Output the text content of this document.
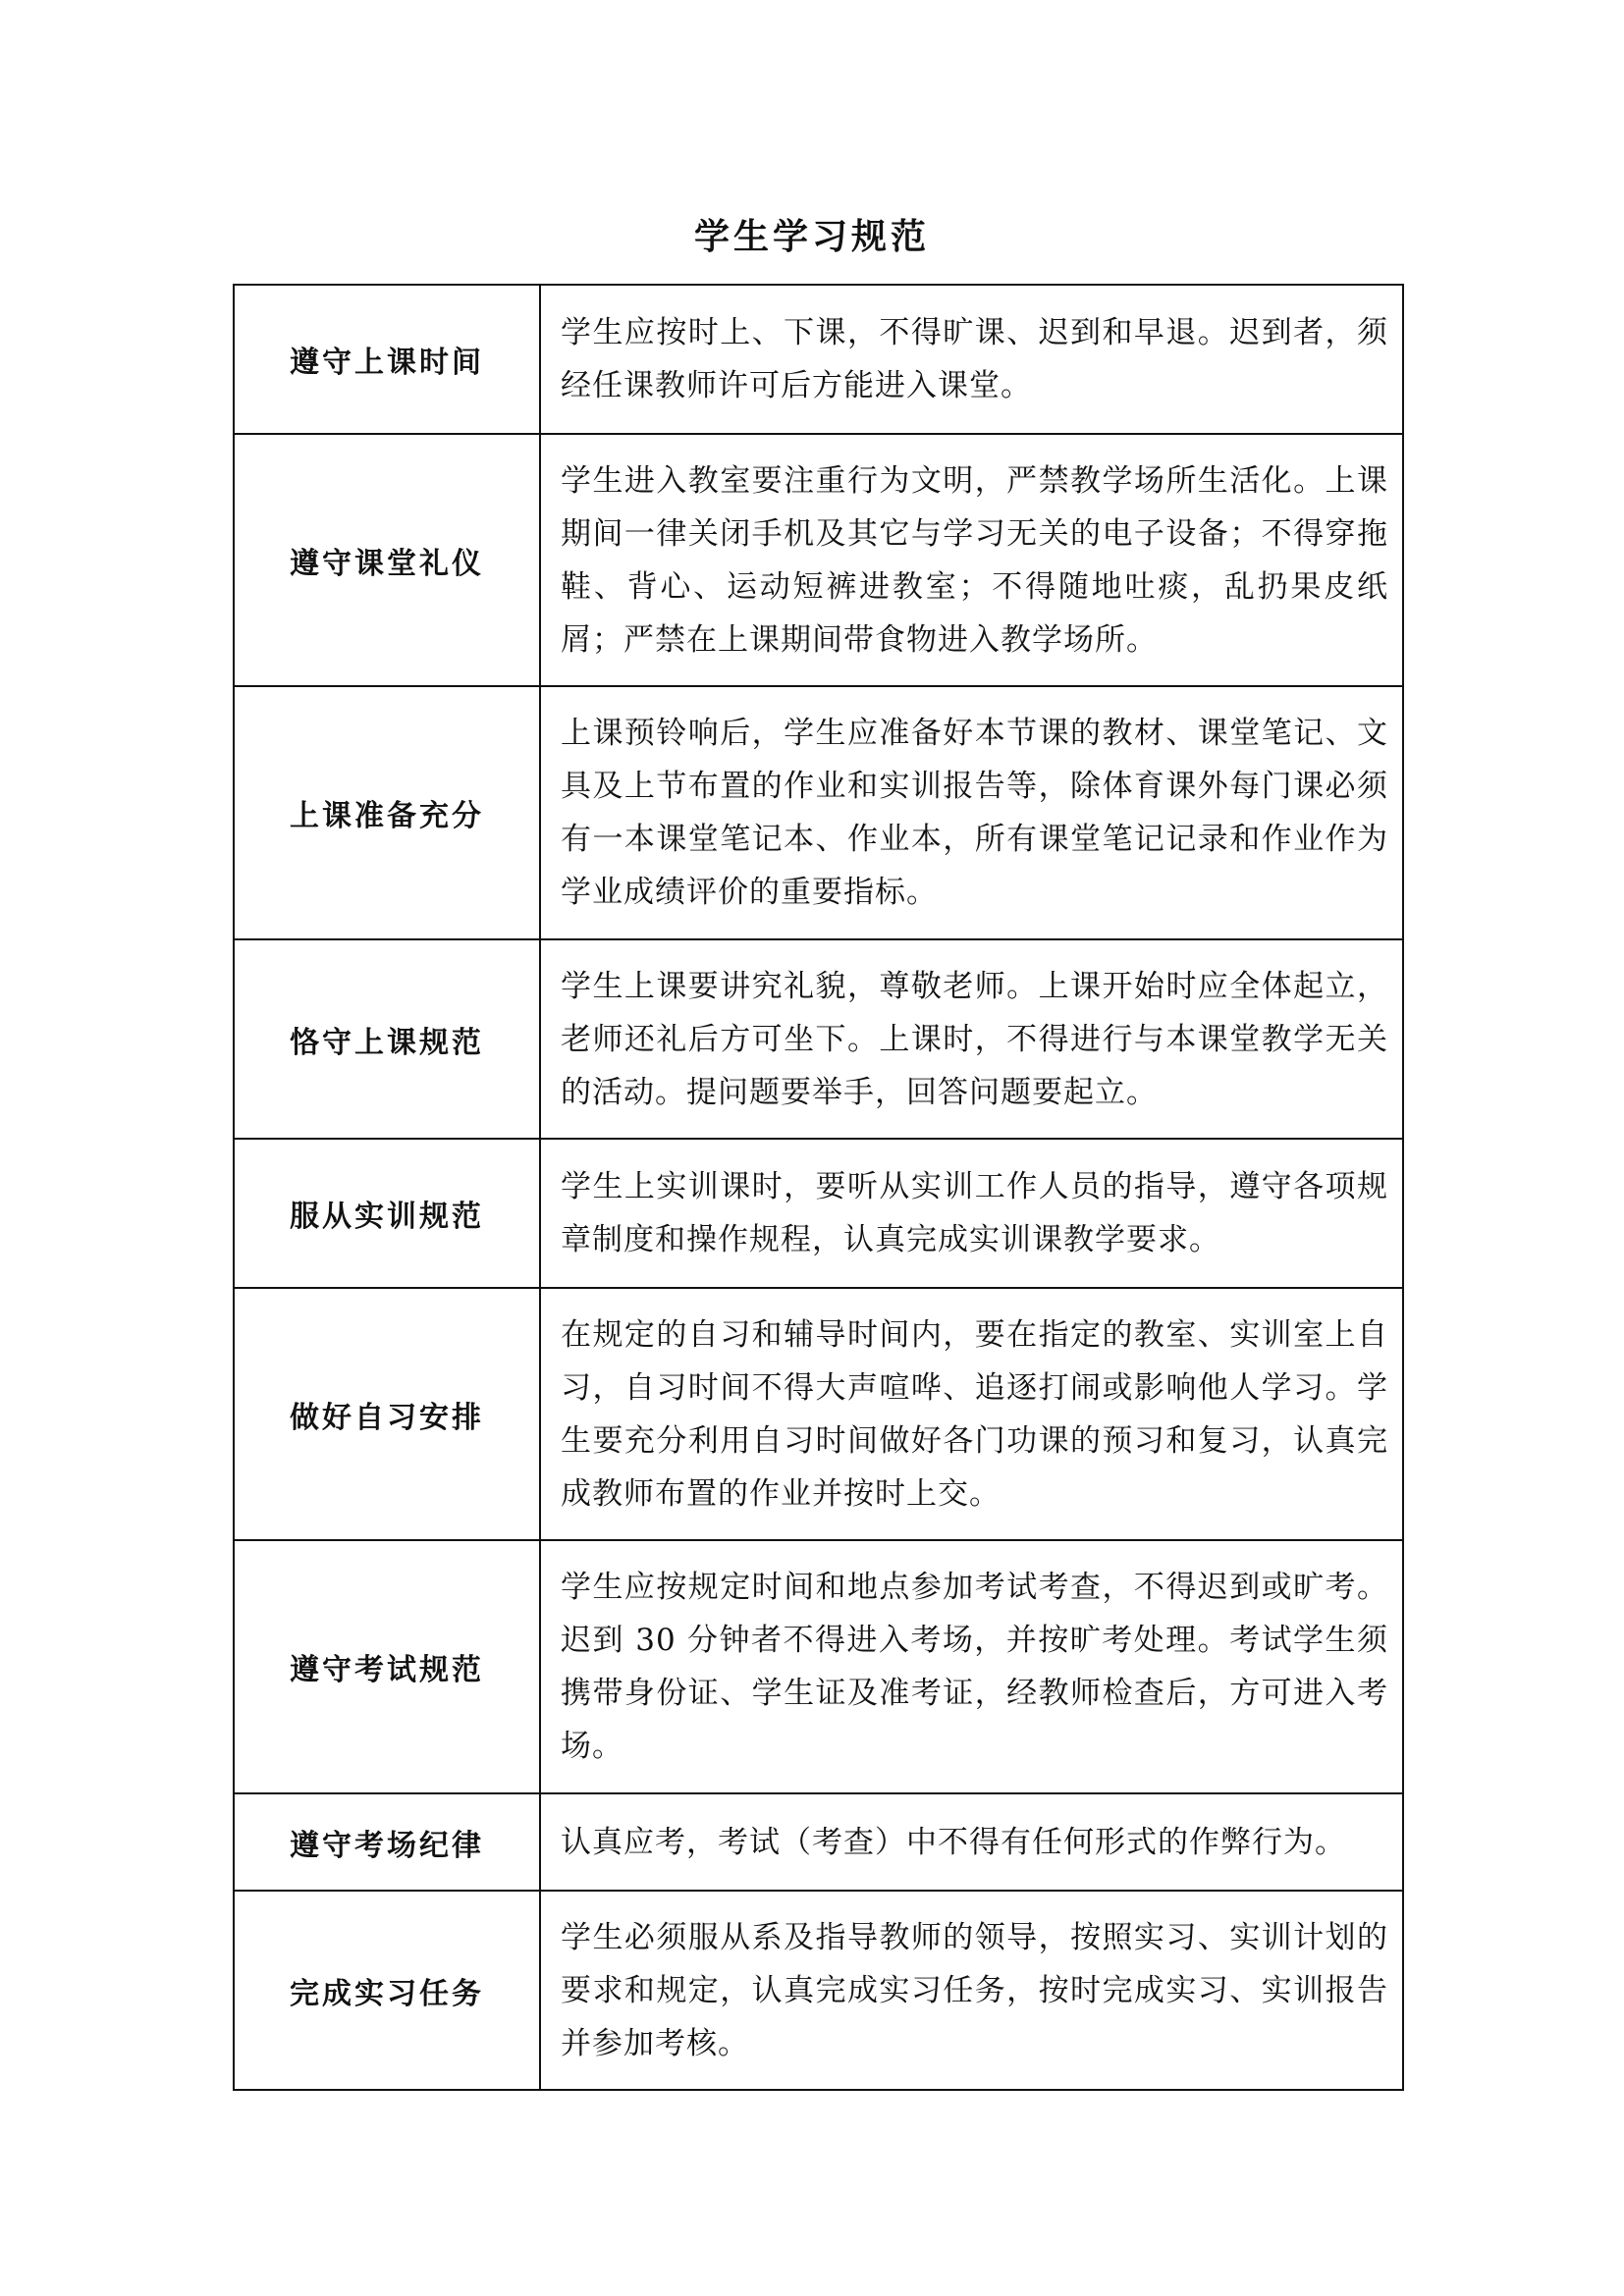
学生学习规范
遵守上课时间	学生应按时上、下课，不得旷课、迟到和早退。迟到者，须经任课教师许可后方能进入课堂。
遵守课堂礼仪	学生进入教室要注重行为文明，严禁教学场所生活化。上课期间一律关闭手机及其它与学习无关的电子设备；不得穿拖鞋、背心、运动短裤进教室；不得随地吐痰，乱扔果皮纸屑；严禁在上课期间带食物进入教学场所。
上课准备充分	上课预铃响后，学生应准备好本节课的教材、课堂笔记、文具及上节布置的作业和实训报告等，除体育课外每门课必须有一本课堂笔记本、作业本，所有课堂笔记记录和作业作为学业成绩评价的重要指标。
恪守上课规范	学生上课要讲究礼貌，尊敬老师。上课开始时应全体起立，老师还礼后方可坐下。上课时，不得进行与本课堂教学无关的活动。提问题要举手，回答问题要起立。
服从实训规范	学生上实训课时，要听从实训工作人员的指导，遵守各项规章制度和操作规程，认真完成实训课教学要求。
做好自习安排	在规定的自习和辅导时间内，要在指定的教室、实训室上自习，自习时间不得大声喧哗、追逐打闹或影响他人学习。学生要充分利用自习时间做好各门功课的预习和复习，认真完成教师布置的作业并按时上交。
遵守考试规范	学生应按规定时间和地点参加考试考查，不得迟到或旷考。迟到 30 分钟者不得进入考场，并按旷考处理。考试学生须携带身份证、学生证及准考证，经教师检查后，方可进入考场。
遵守考场纪律	认真应考，考试（考查）中不得有任何形式的作弊行为。
完成实习任务	学生必须服从系及指导教师的领导，按照实习、实训计划的要求和规定，认真完成实习任务，按时完成实习、实训报告并参加考核。
